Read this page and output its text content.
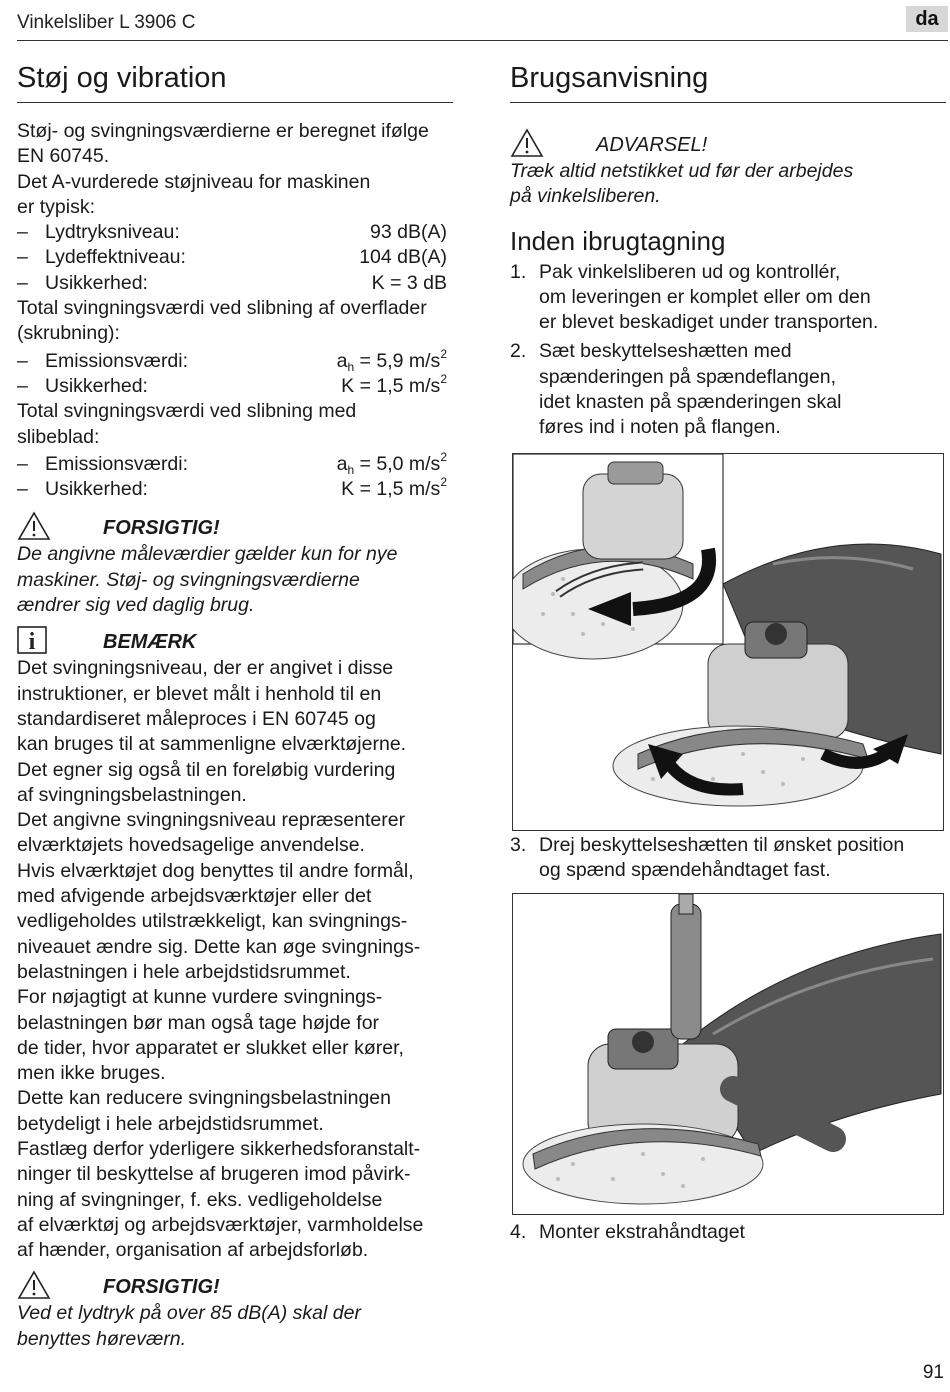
Vinkelsliber L 3906 C	da
Støj og vibration
Støj- og svingningsværdierne er beregnet ifølge
EN 60745.
Det A-vurderede støjniveau for maskinen
er typisk:
– Lydtryksniveau:	93 dB(A)
– Lydeffektniveau:	104 dB(A)
– Usikkerhed:	K = 3 dB
Total svingningsværdi ved slibning af overflader
(skrubning):
– Emissionsværdi:	$a_h = 5,9$ $m/s^2$
– Usikkerhed:	K = 1,5 $m/s^2$
Total svingningsværdi ved slibning med
slibeblad:
– Emissionsværdi:	$a_h = 5,0$ $m/s^2$
– Usikkerhed:	K = 1,5 $m/s^2$
FORSIGTIG!
De angivne måleværdier gælder kun for nye
maskiner. Støj- og svingningsværdierne
ændrer sig ved daglig brug.
i	BEMÆRK
Det svingningsniveau, der er angivet i disse
instruktioner, er blevet målt i henhold til en
standardiseret måleproces i EN 60745 og
kan bruges til at sammenligne elværktøjerne.
Det egner sig også til en foreløbig vurdering
af svingningsbelastningen.
Det angivne svingningsniveau repræsenterer
elværktøjets hovedsagelige anvendelse.
Hvis elværktøjet dog benyttes til andre formål,
med afvigende arbejdsværktøjer eller det
vedligeholdes utilstrækkeligt, kan svingnings-
niveauet ændre sig. Dette kan øge svingnings-
belastningen i hele arbejdstidsrummet.
For nøjagtigt at kunne vurdere svingnings-
belastningen bør man også tage højde for
de tider, hvor apparatet er slukket eller kører,
men ikke bruges.
Dette kan reducere svingningsbelastningen
betydeligt i hele arbejdstidsrummet.
Fastlæg derfor yderligere sikkerhedsforanstalt-
ninger til beskyttelse af brugeren imod påvirk-
ning af svingninger, f. eks. vedligeholdelse
af elværktøj og arbejdsværktøjer, varmholdelse
af hænder, organisation af arbejdsforløb.
FORSIGTIG!
Ved et lydtryk på over 85 dB(A) skal der
benyttes høreværn.
Brugsanvisning
ADVARSEL!
Træk altid netstikket ud før der arbejdes
på vinkelsliberen.
Inden ibrugtagning
1. Pak vinkelsliberen ud og kontrollér,
om leveringen er komplet eller om den
er blevet beskadiget under transporten.
2. Sæt beskyttelseshætten med
spænderingen på spændeflangen,
idet knasten på spænderingen skal
føres ind i noten på flangen.
3. Drej beskyttelseshætten til ønsket position
og spænd spændehåndtaget fast.
4. Monter ekstrahåndtaget
91
